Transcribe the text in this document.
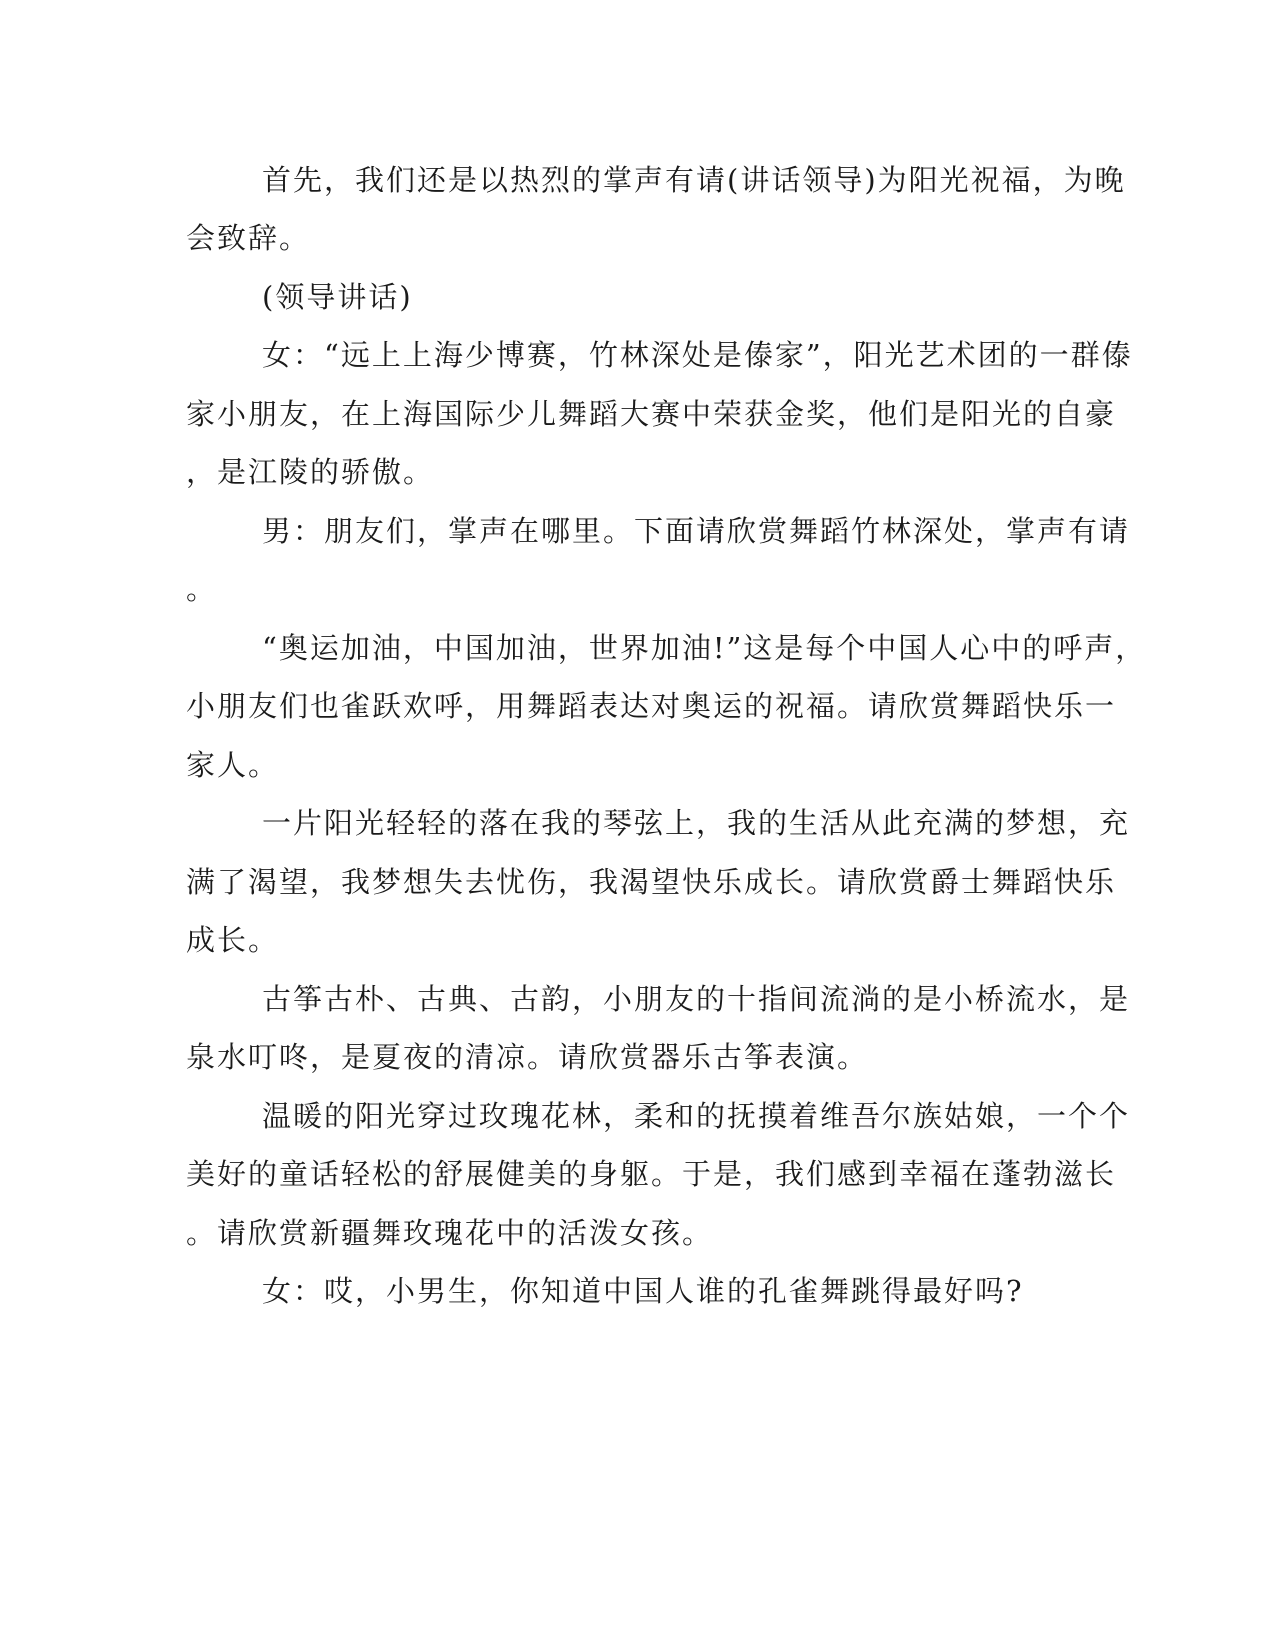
首先，我们还是以热烈的掌声有请(讲话领导)为阳光祝福，为晚
会致辞。
(领导讲话)
女：“远上上海少博赛，竹林深处是傣家”，阳光艺术团的一群傣
家小朋友，在上海国际少儿舞蹈大赛中荣获金奖，他们是阳光的自豪
，是江陵的骄傲。
男：朋友们，掌声在哪里。下面请欣赏舞蹈竹林深处，掌声有请
。
“奥运加油，中国加油，世界加油!”这是每个中国人心中的呼声，
小朋友们也雀跃欢呼，用舞蹈表达对奥运的祝福。请欣赏舞蹈快乐一
家人。
一片阳光轻轻的落在我的琴弦上，我的生活从此充满的梦想，充
满了渴望，我梦想失去忧伤，我渴望快乐成长。请欣赏爵士舞蹈快乐
成长。
古筝古朴、古典、古韵，小朋友的十指间流淌的是小桥流水，是
泉水叮咚，是夏夜的清凉。请欣赏器乐古筝表演。
温暖的阳光穿过玫瑰花林，柔和的抚摸着维吾尔族姑娘，一个个
美好的童话轻松的舒展健美的身躯。于是，我们感到幸福在蓬勃滋长
。请欣赏新疆舞玫瑰花中的活泼女孩。
女：哎，小男生，你知道中国人谁的孔雀舞跳得最好吗?
